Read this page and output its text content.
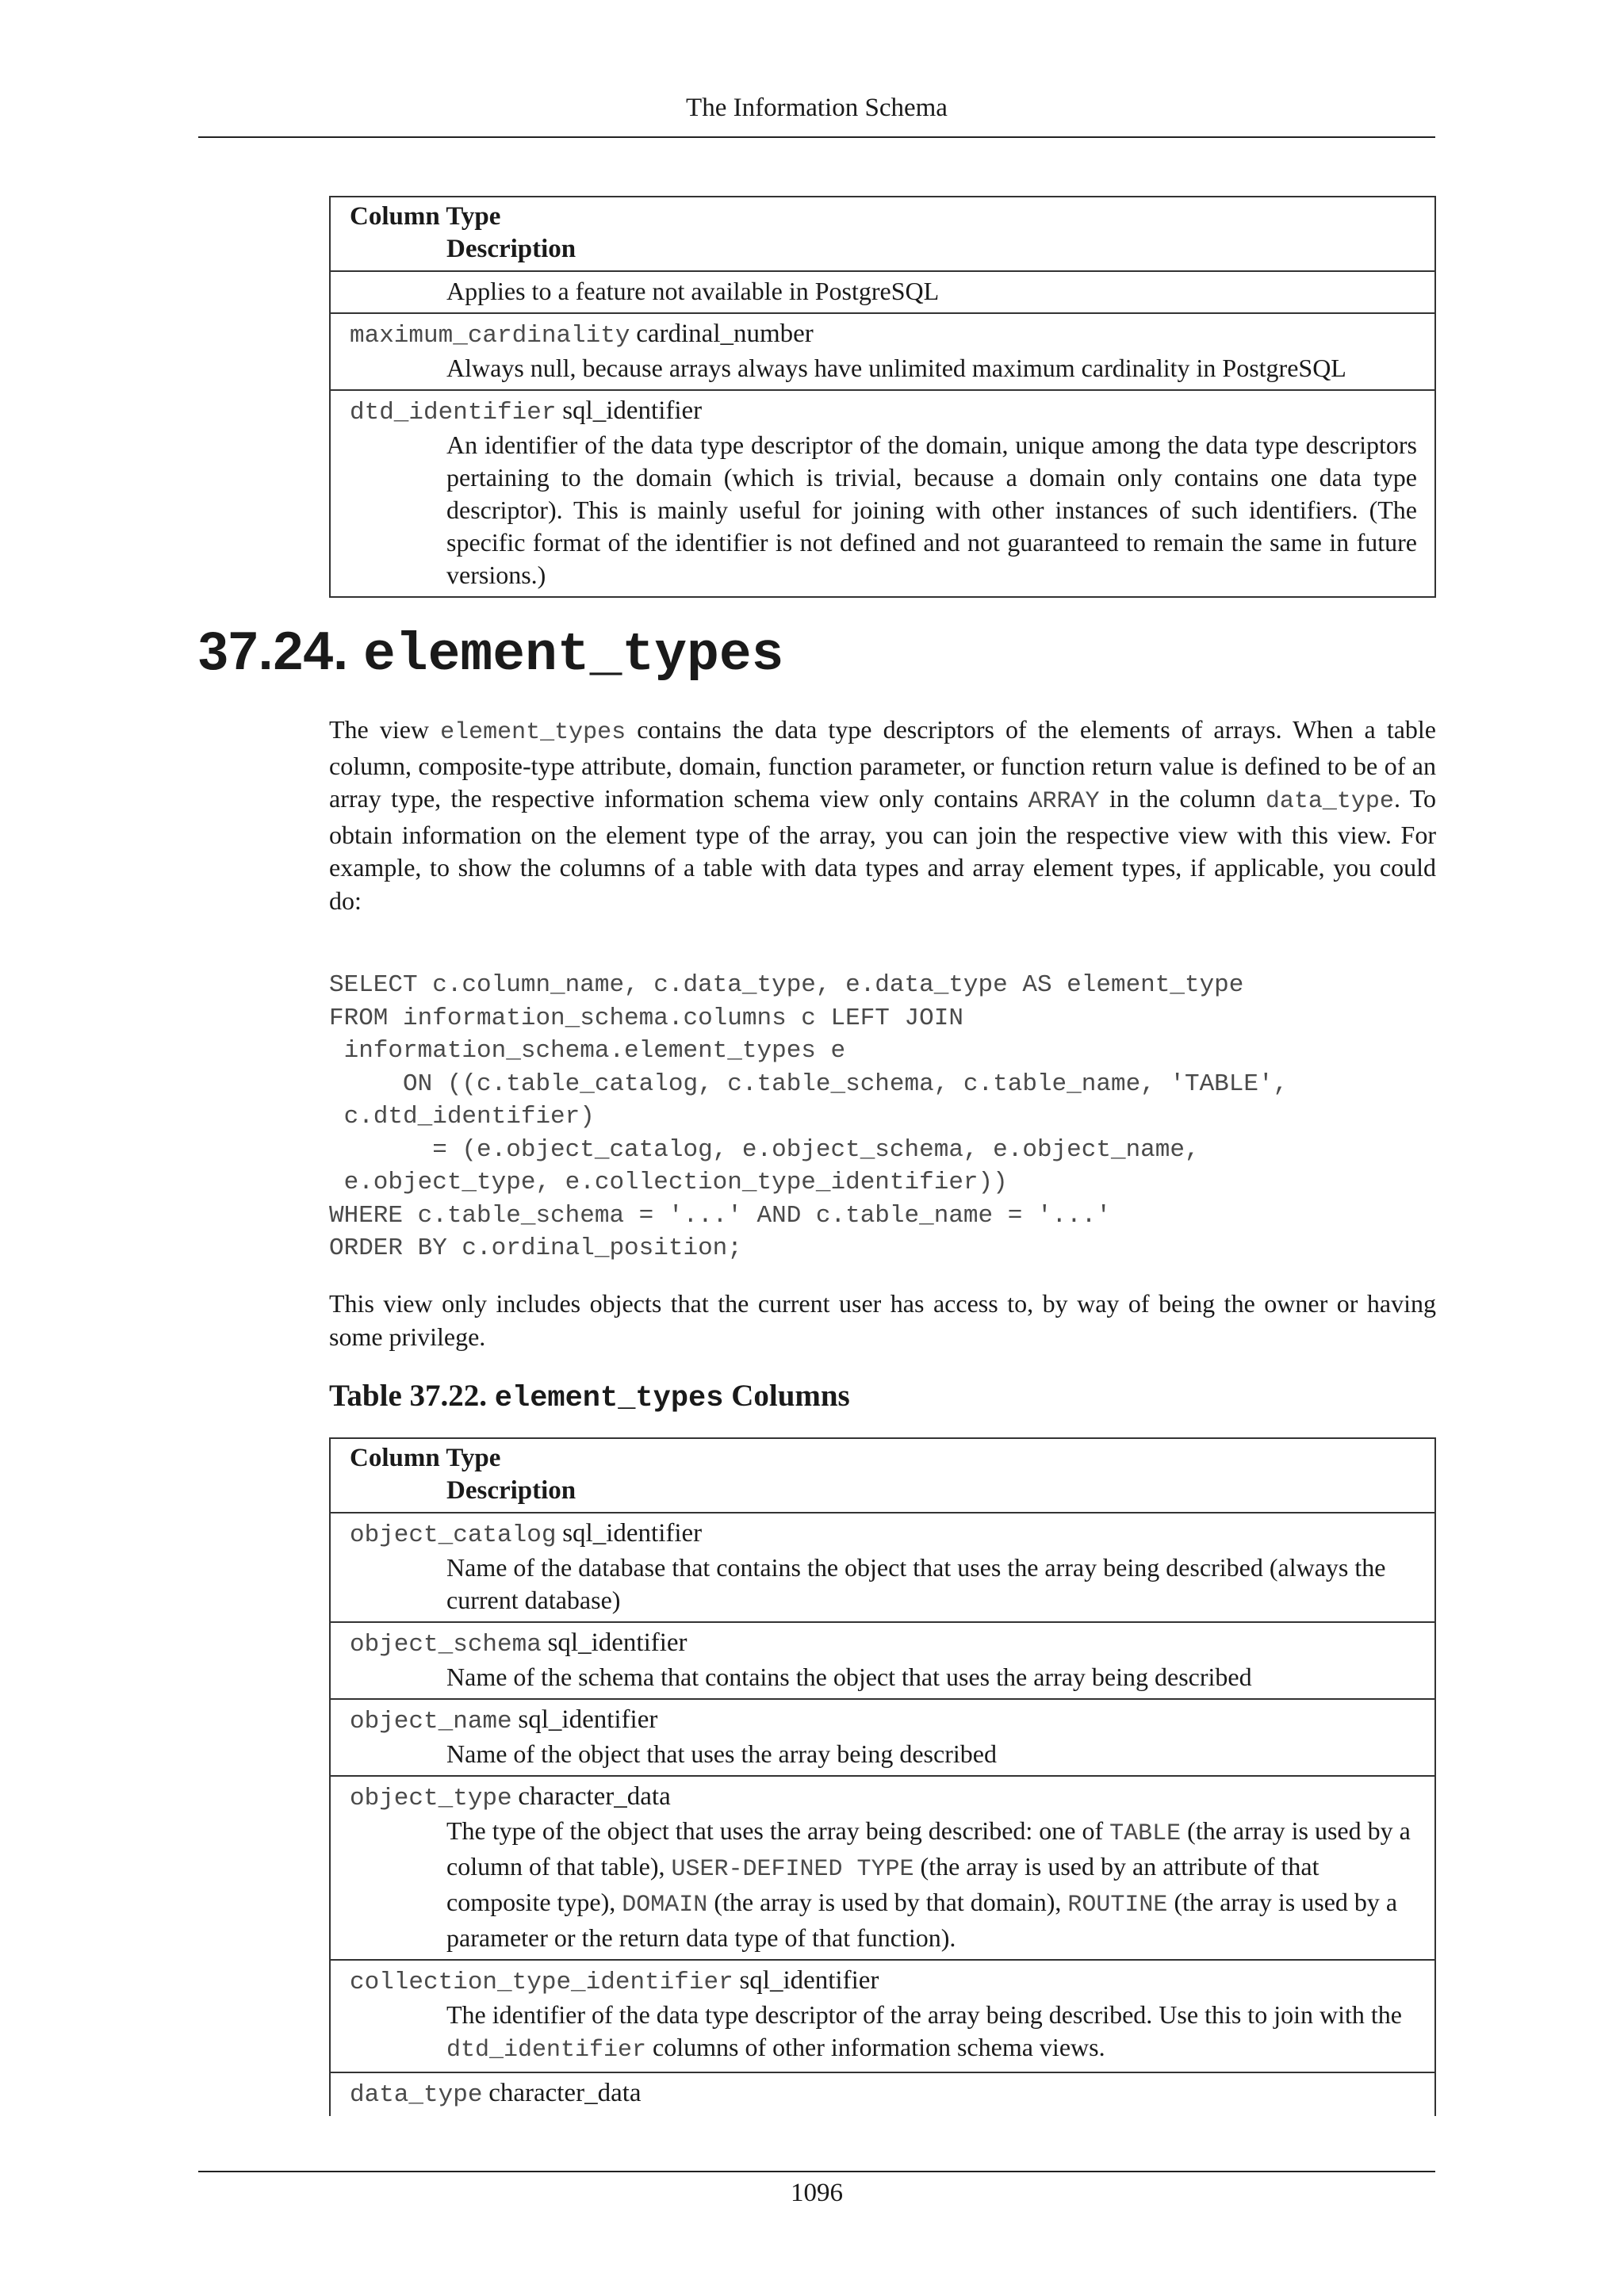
The Information Schema
Column Type
Description

Applies to a feature not available in PostgreSQL

maximum_cardinality cardinal_number
Always null, because arrays always have unlimited maximum cardinality in PostgreSQL

dtd_identifier sql_identifier
An identifier of the data type descriptor of the domain, unique among the data type descriptors pertaining to the domain (which is trivial, because a domain only contains one data type descriptor). This is mainly useful for joining with other instances of such identifiers. (The specific format of the identifier is not defined and not guaranteed to remain the same in future versions.)
37.24. element_types

The view element_types contains the data type descriptors of the elements of arrays. When a table column, composite-type attribute, domain, function parameter, or function return value is defined to be of an array type, the respective information schema view only contains ARRAY in the column data_type. To obtain information on the element type of the array, you can join the respective view with this view. For example, to show the columns of a table with data types and array element types, if applicable, you could do:

SELECT c.column_name, c.data_type, e.data_type AS element_type
FROM information_schema.columns c LEFT JOIN
information_schema.element_types e
ON ((c.table_catalog, c.table_schema, c.table_name, 'TABLE',
c.dtd_identifier)
= (e.object_catalog, e.object_schema, e.object_name,
e.object_type, e.collection_type_identifier))
WHERE c.table_schema = '...' AND c.table_name = '...'
ORDER BY c.ordinal_position;

This view only includes objects that the current user has access to, by way of being the owner or having some privilege.

Table 37.22. element_types Columns
Column Type
Description

object_catalog sql_identifier
Name of the database that contains the object that uses the array being described (always the current database)

object_schema sql_identifier
Name of the schema that contains the object that uses the array being described

object_name sql_identifier
Name of the object that uses the array being described

object_type character_data
The type of the object that uses the array being described: one of TABLE (the array is used by a column of that table), USER-DEFINED TYPE (the array is used by an attribute of that composite type), DOMAIN (the array is used by that domain), ROUTINE (the array is used by a parameter or the return data type of that function).

collection_type_identifier sql_identifier
The identifier of the data type descriptor of the array being described. Use this to join with the dtd_identifier columns of other information schema views.

data_type character_data
1096
